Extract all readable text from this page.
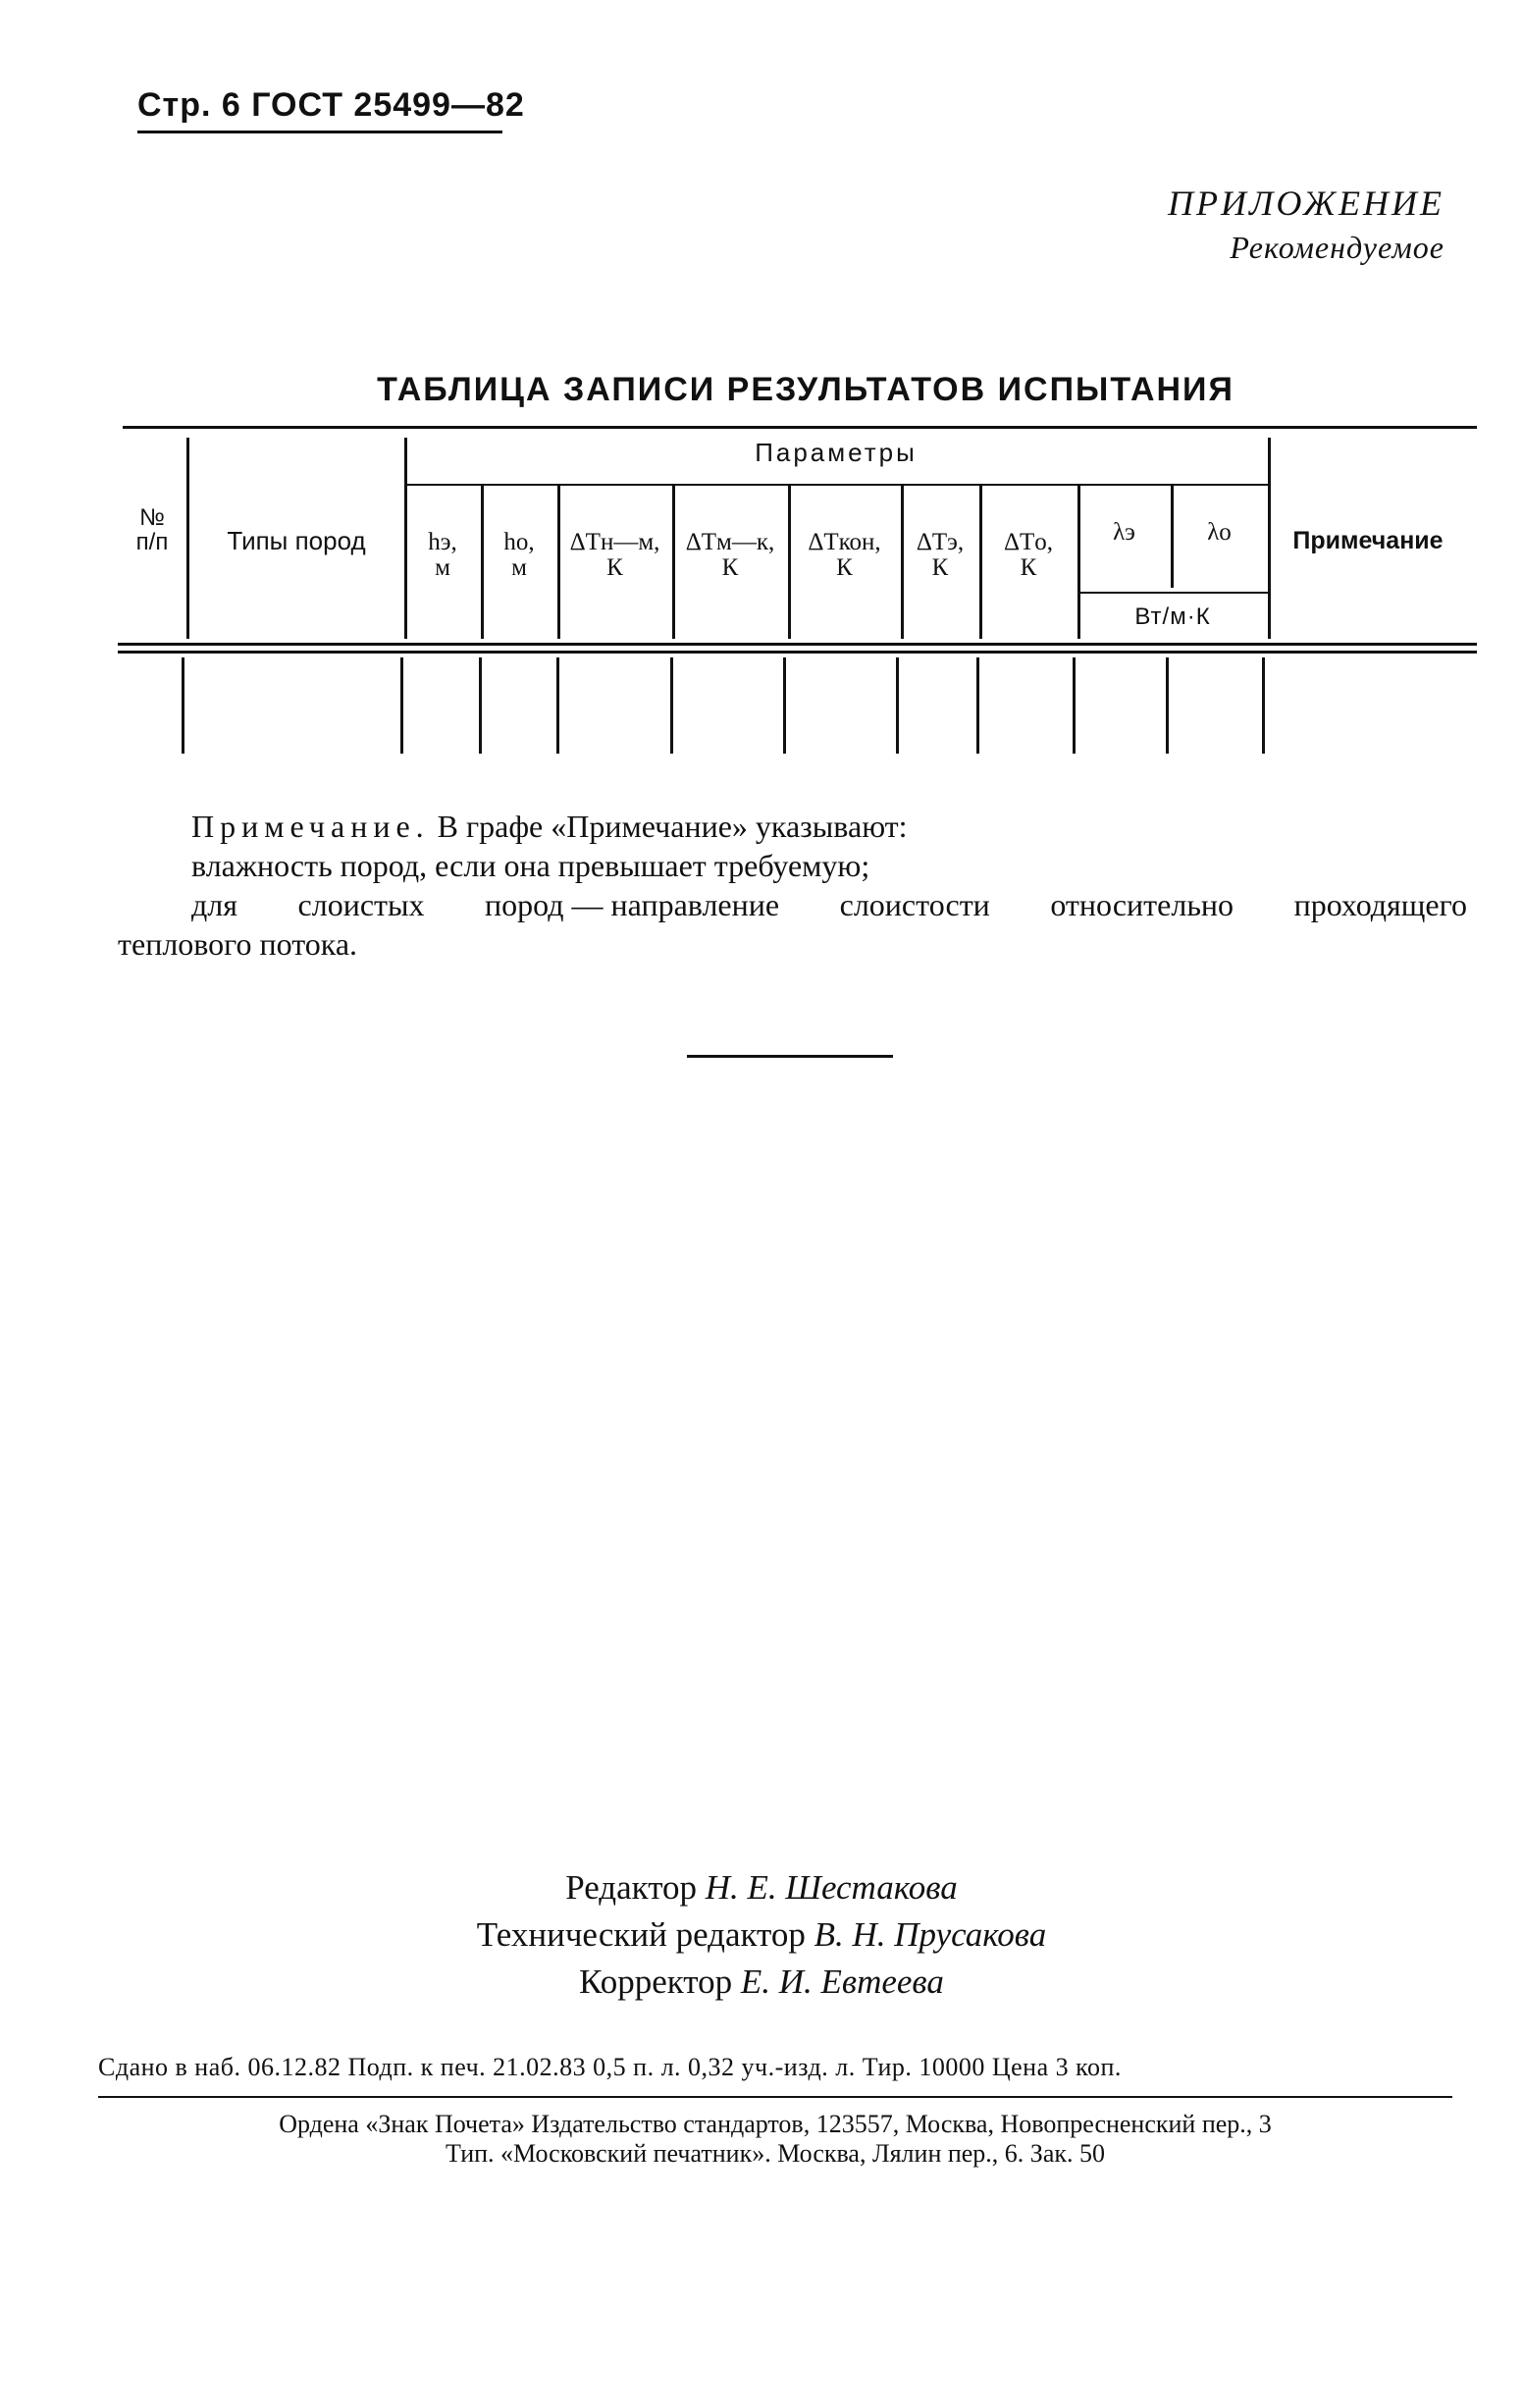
Стр. 6 ГОСТ 25499—82
ПРИЛОЖЕНИЕ
Рекомендуемое
ТАБЛИЦА ЗАПИСИ РЕЗУЛЬТАТОВ ИСПЫТАНИЯ
№
п/п	Типы пород
Параметры
hэ,
м
hо,
м
ΔTн—м,
К
ΔTм—к,
К
ΔTкон,
К
ΔTэ,
К
ΔTо,
К
λэ	λо
Вт/м·К
Примечание
Примечание. В графе «Примечание» указывают:
влажность пород, если она превышает требуемую;
для слоистых пород — направление слоистости относительно проходящего
теплового потока.
Редактор Н. Е. Шестакова
Технический редактор В. Н. Прусакова
Корректор Е. И. Евтеева
Сдано в наб. 06.12.82 Подп. к печ. 21.02.83 0,5 п. л. 0,32 уч.-изд. л. Тир. 10000 Цена 3 коп.
Ордена «Знак Почета» Издательство стандартов, 123557, Москва, Новопресненский пер., 3
Тип. «Московский печатник». Москва, Лялин пер., 6. Зак. 50
